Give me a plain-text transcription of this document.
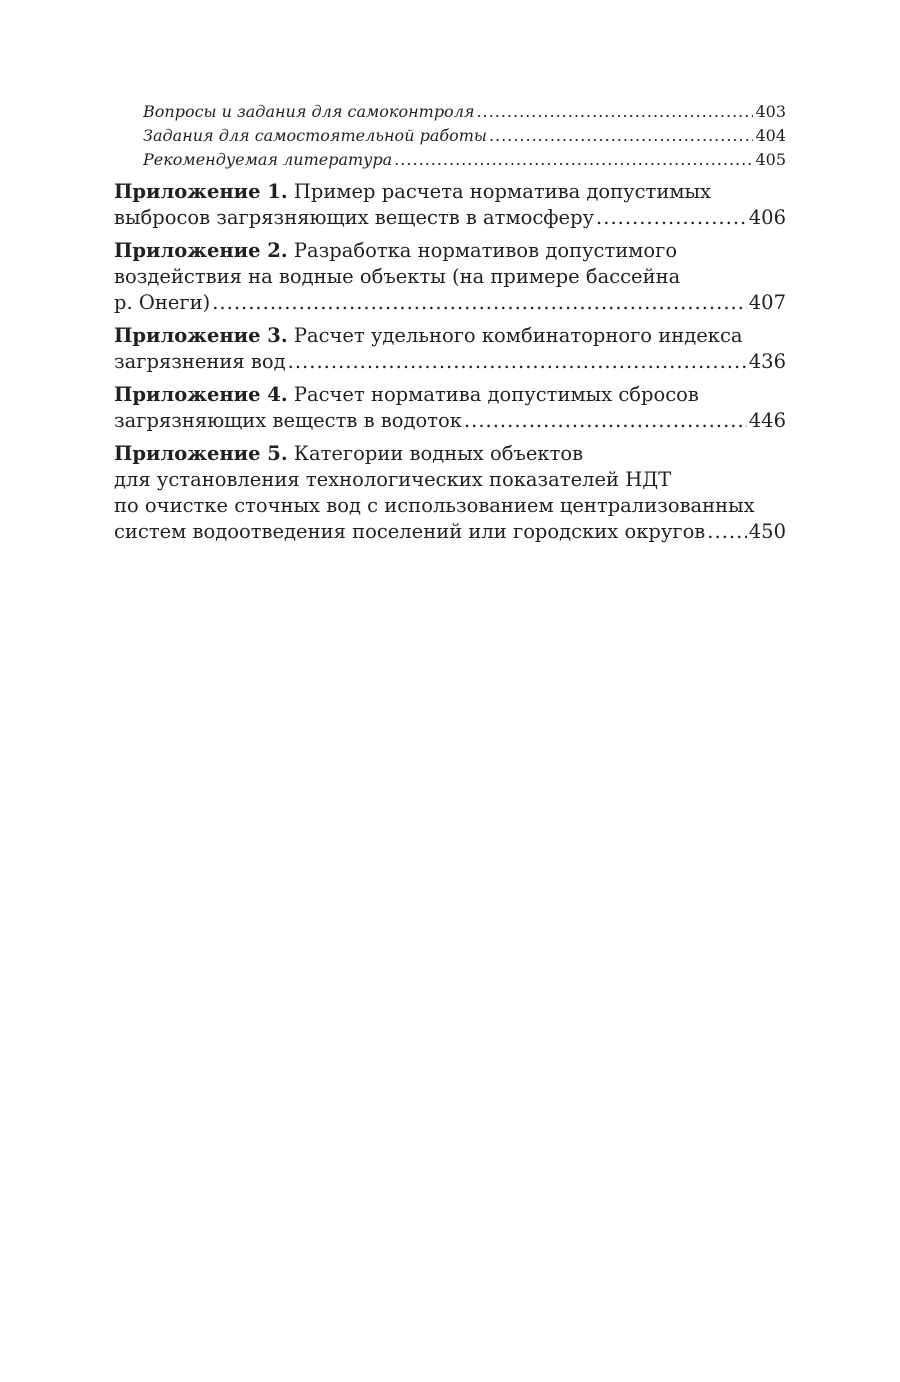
Вопросы и задания для самоконтроля .....	403
Задания для самостоятельной работы .....	404
Рекомендуемая литература .....	405
Приложение 1. Пример расчета норматива допустимых
выбросов загрязняющих веществ в атмосферу .....	406
Приложение 2. Разработка нормативов допустимого
воздействия на водные объекты (на примере бассейна
р. Онеги) .....	407
Приложение 3. Расчет удельного комбинаторного индекса
загрязнения вод .....	436
Приложение 4. Расчет норматива допустимых сбросов
загрязняющих веществ в водоток .....	446
Приложение 5. Категории водных объектов
для установления технологических показателей НДТ
по очистке сточных вод с использованием централизованных
систем водоотведения поселений или городских округов ..... 450
